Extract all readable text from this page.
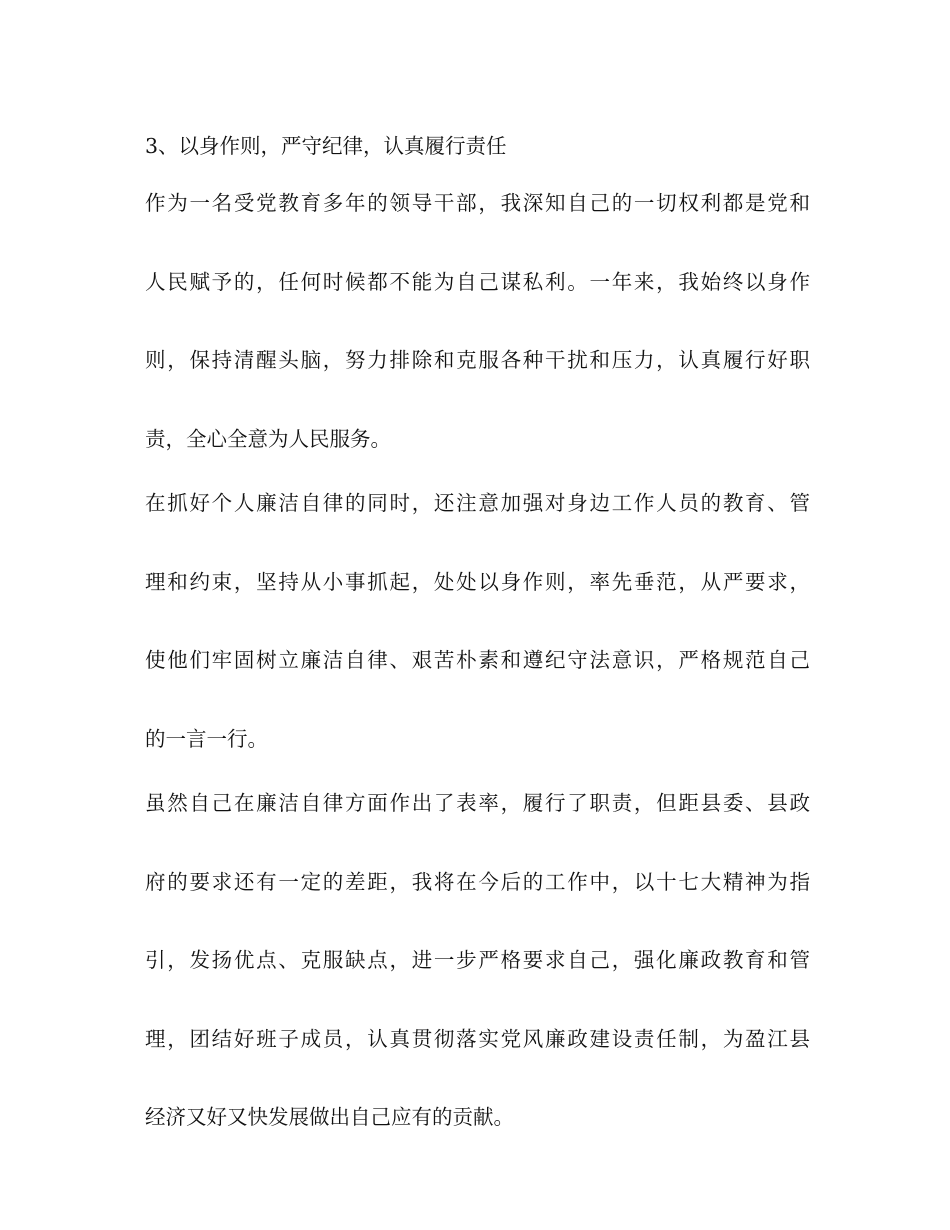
3、以身作则，严守纪律，认真履行责任

作为一名受党教育多年的领导干部，我深知自己的一切权利都是党和
人民赋予的，任何时候都不能为自己谋私利。一年来，我始终以身作
则，保持清醒头脑，努力排除和克服各种干扰和压力，认真履行好职
责，全心全意为人民服务。

在抓好个人廉洁自律的同时，还注意加强对身边工作人员的教育、管
理和约束，坚持从小事抓起，处处以身作则，率先垂范，从严要求，
使他们牢固树立廉洁自律、艰苦朴素和遵纪守法意识，严格规范自己
的一言一行。

虽然自己在廉洁自律方面作出了表率，履行了职责，但距县委、县政
府的要求还有一定的差距，我将在今后的工作中，以十七大精神为指
引，发扬优点、克服缺点，进一步严格要求自己，强化廉政教育和管
理，团结好班子成员，认真贯彻落实党风廉政建设责任制，为盈江县
经济又好又快发展做出自己应有的贡献。
